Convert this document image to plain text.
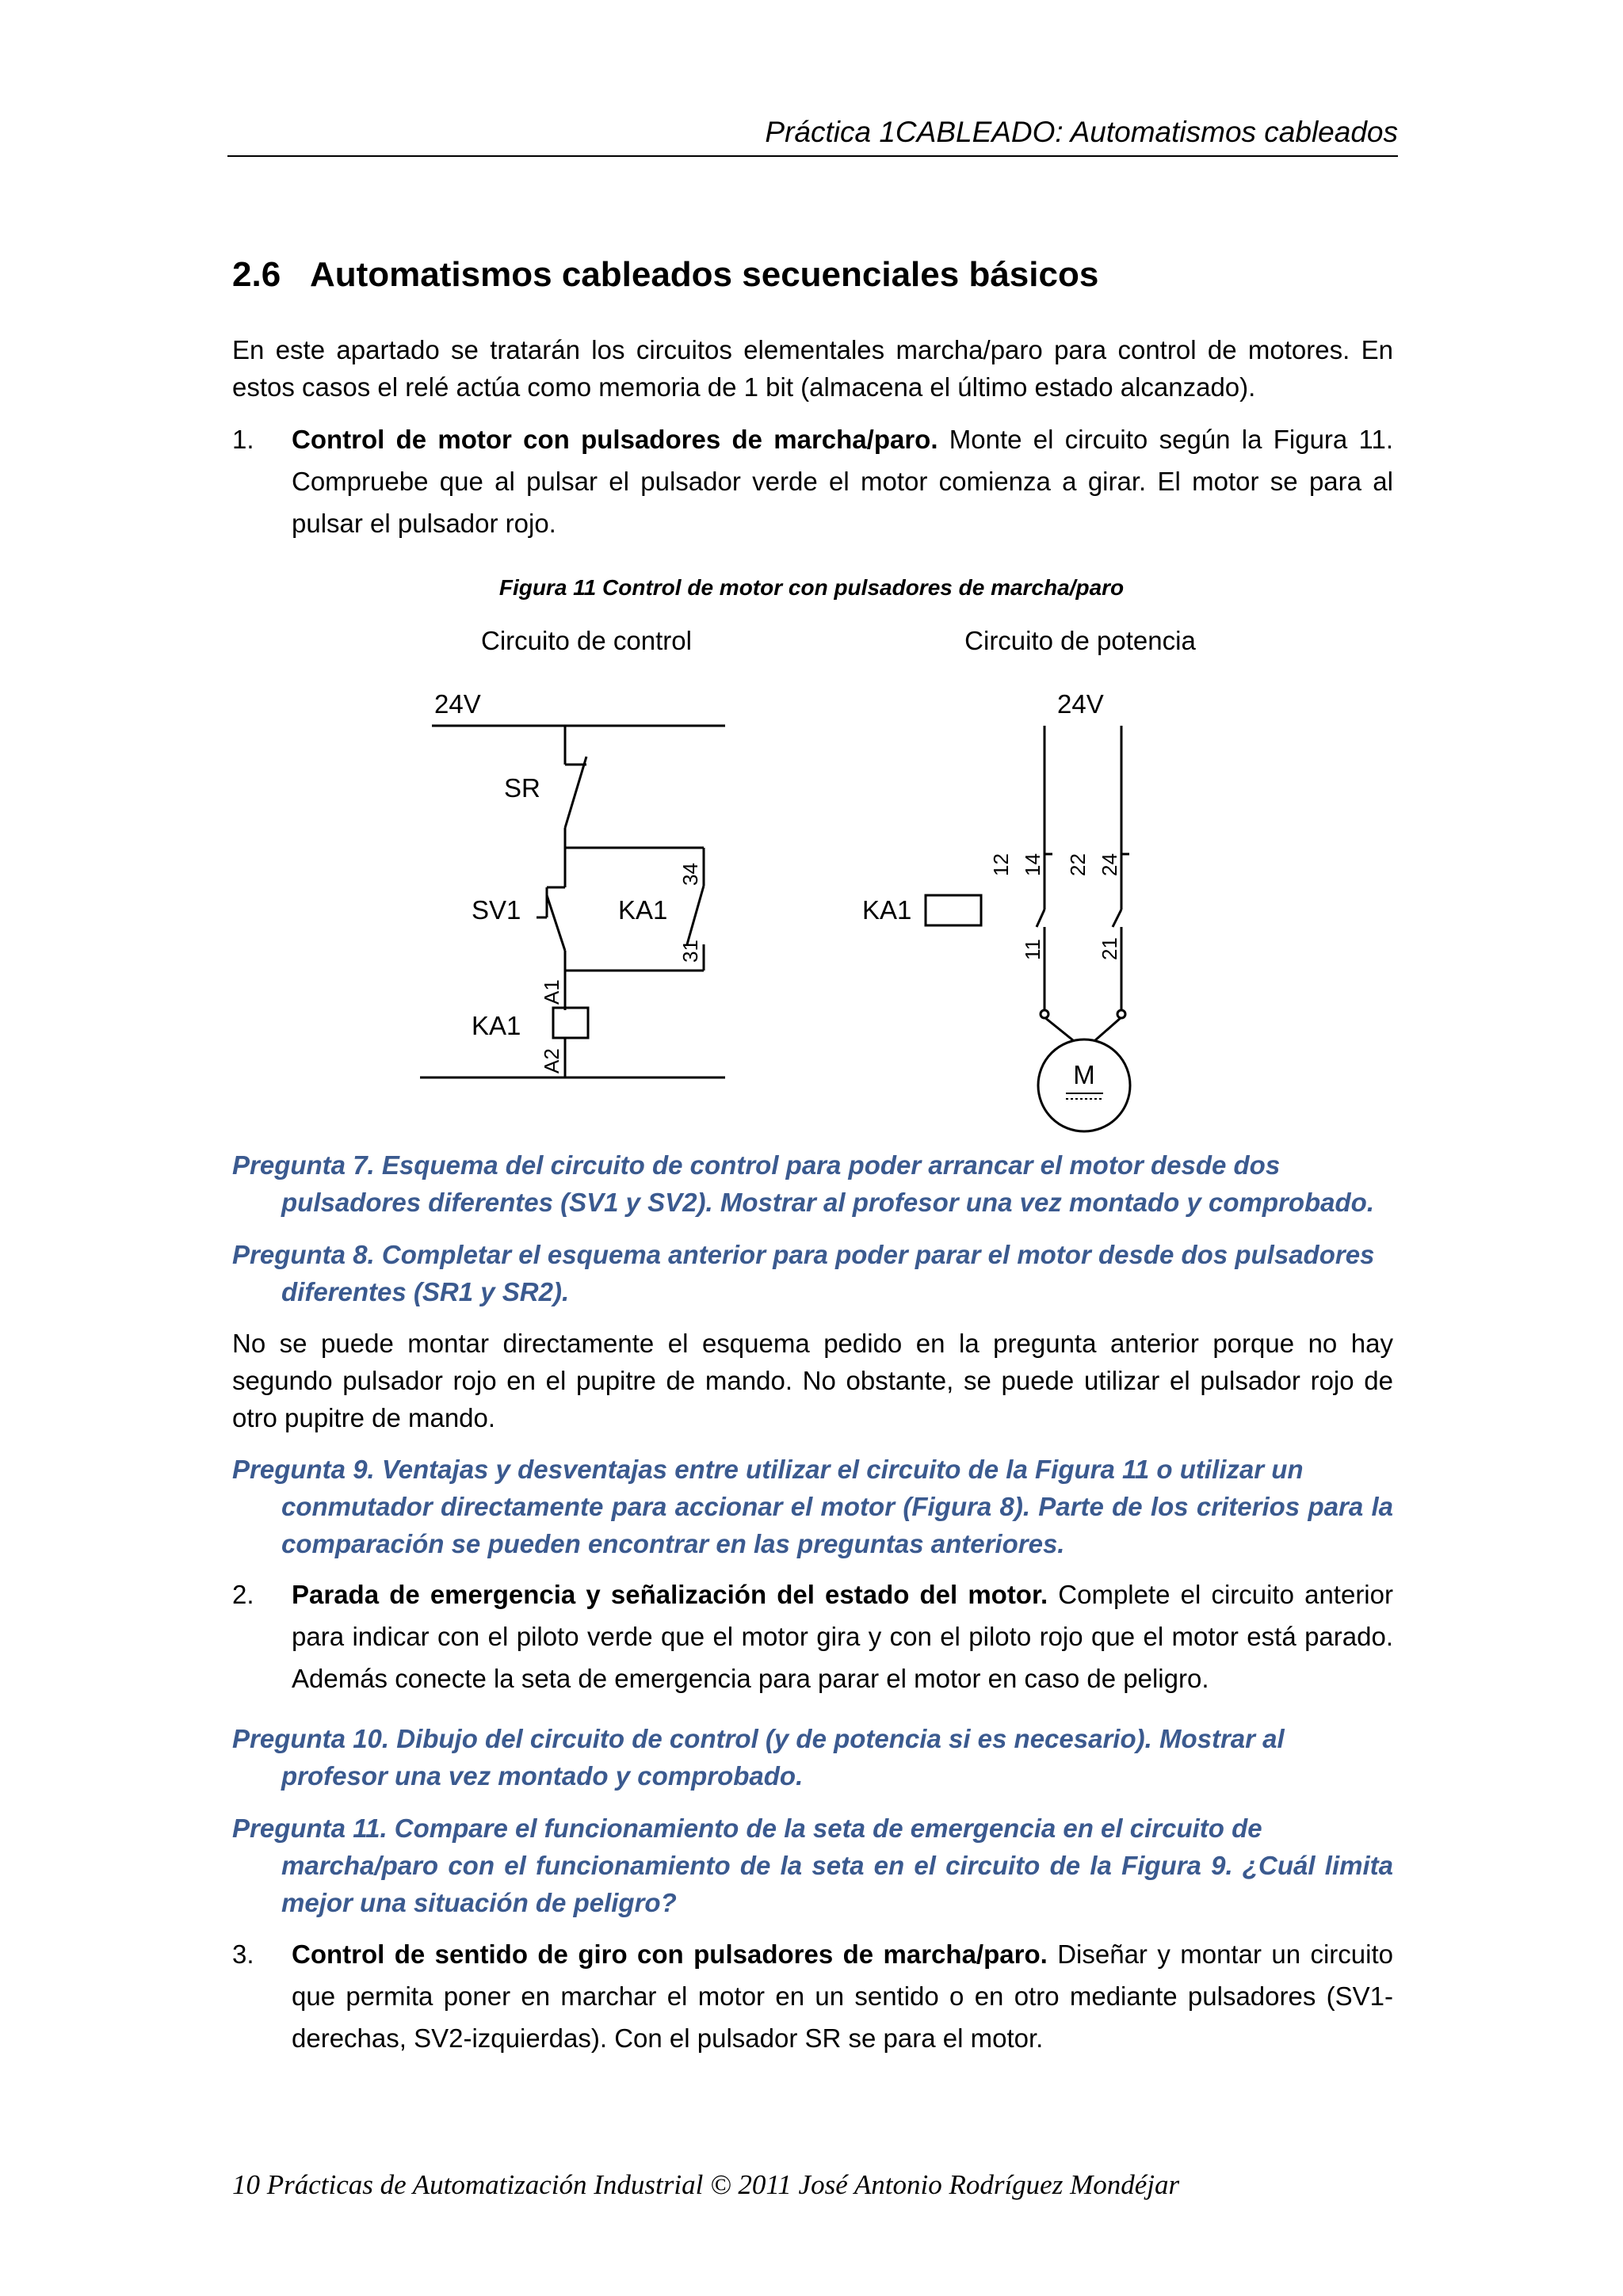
Práctica 1CABLEADO: Automatismos cableados
2.6 Automatismos cableados secuenciales básicos
En este apartado se tratarán los circuitos elementales marcha/paro para control de motores. En estos casos el relé actúa como memoria de 1 bit (almacena el último estado alcanzado).
1.	Control de motor con pulsadores de marcha/paro. Monte el circuito según la Figura 11. Compruebe que al pulsar el pulsador verde el motor comienza a girar. El motor se para al pulsar el pulsador rojo.
Figura 11 Control de motor con pulsadores de marcha/paro
Circuito de control	Circuito de potencia
24V	24V
SR
SV1	KA1
KA1
KA1
M
34
31
A1
A2
12 14 22 24
11	21
Pregunta 7. Esquema del circuito de control para poder arrancar el motor desde dos
pulsadores diferentes (SV1 y SV2). Mostrar al profesor una vez montado y comprobado.
Pregunta 8. Completar el esquema anterior para poder parar el motor desde dos pulsadores
diferentes (SR1 y SR2).
No se puede montar directamente el esquema pedido en la pregunta anterior porque no hay segundo pulsador rojo en el pupitre de mando. No obstante, se puede utilizar el pulsador rojo de otro pupitre de mando.
Pregunta 9. Ventajas y desventajas entre utilizar el circuito de la Figura 11 o utilizar un
conmutador directamente para accionar el motor (Figura 8). Parte de los criterios para la comparación se pueden encontrar en las preguntas anteriores.
2.	Parada de emergencia y señalización del estado del motor. Complete el circuito anterior para indicar con el piloto verde que el motor gira y con el piloto rojo que el motor está parado. Además conecte la seta de emergencia para parar el motor en caso de peligro.
Pregunta 10. Dibujo del circuito de control (y de potencia si es necesario). Mostrar al
profesor una vez montado y comprobado.
Pregunta 11. Compare el funcionamiento de la seta de emergencia en el circuito de
marcha/paro con el funcionamiento de la seta en el circuito de la Figura 9. ¿Cuál limita mejor una situación de peligro?
3.	Control de sentido de giro con pulsadores de marcha/paro. Diseñar y montar un circuito que permita poner en marchar el motor en un sentido o en otro mediante pulsadores (SV1-derechas, SV2-izquierdas). Con el pulsador SR se para el motor.
10 Prácticas de Automatización Industrial © 2011 José Antonio Rodríguez Mondéjar
